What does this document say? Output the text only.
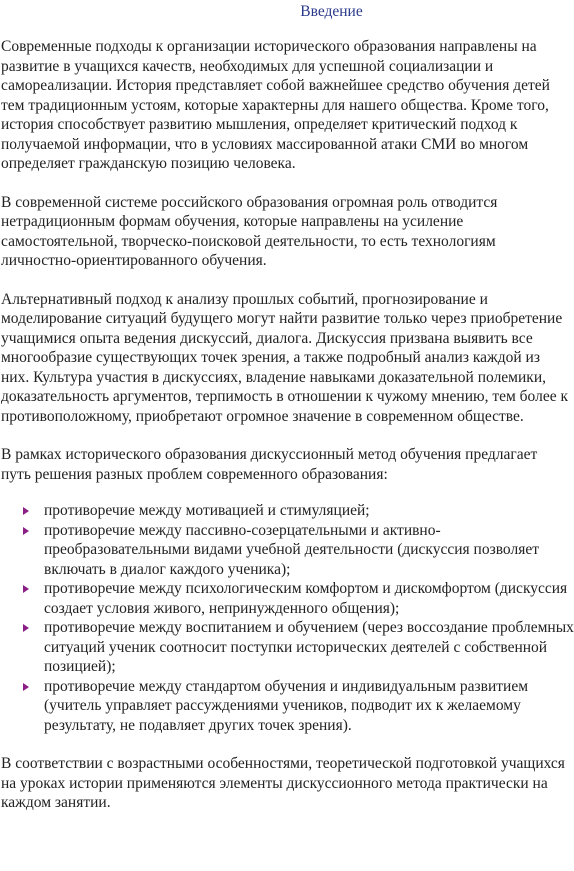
Введение

Современные подходы к организации исторического образования направлены на развитие в учащихся качеств, необходимых для успешной социализации и самореализации. История представляет собой важнейшее средство обучения детей тем традиционным устоям, которые характерны для нашего общества. Кроме того, история способствует развитию мышления, определяет критический подход к получаемой информации, что в условиях массированной атаки СМИ во многом определяет гражданскую позицию человека.

В современной системе российского образования огромная роль отводится нетрадиционным формам обучения, которые направлены на усиление самостоятельной, творческо-поисковой деятельности, то есть технологиям личностно-ориентированного обучения.

Альтернативный подход к анализу прошлых событий, прогнозирование и моделирование ситуаций будущего могут найти развитие только через приобретение учащимися опыта ведения дискуссий, диалога. Дискуссия призвана выявить все многообразие существующих точек зрения, а также подробный анализ каждой из них. Культура участия в дискуссиях, владение навыками доказательной полемики, доказательность аргументов, терпимость в отношении к чужому мнению, тем более к противоположному, приобретают огромное значение в современном обществе.

В рамках исторического образования дискуссионный метод обучения предлагает путь решения разных проблем современного образования:

противоречие между мотивацией и стимуляцией;
противоречие между пассивно-созерцательными и активно-преобразовательными видами учебной деятельности (дискуссия позволяет включать в диалог каждого ученика);
противоречие между психологическим комфортом и дискомфортом (дискуссия создает условия живого, непринужденного общения);
противоречие между воспитанием и обучением (через воссоздание проблемных ситуаций ученик соотносит поступки исторических деятелей с собственной позицией);
противоречие между стандартом обучения и индивидуальным развитием (учитель управляет рассуждениями учеников, подводит их к желаемому результату, не подавляет других точек зрения).

В соответствии с возрастными особенностями, теоретической подготовкой учащихся на уроках истории применяются элементы дискуссионного метода практически на каждом занятии.
